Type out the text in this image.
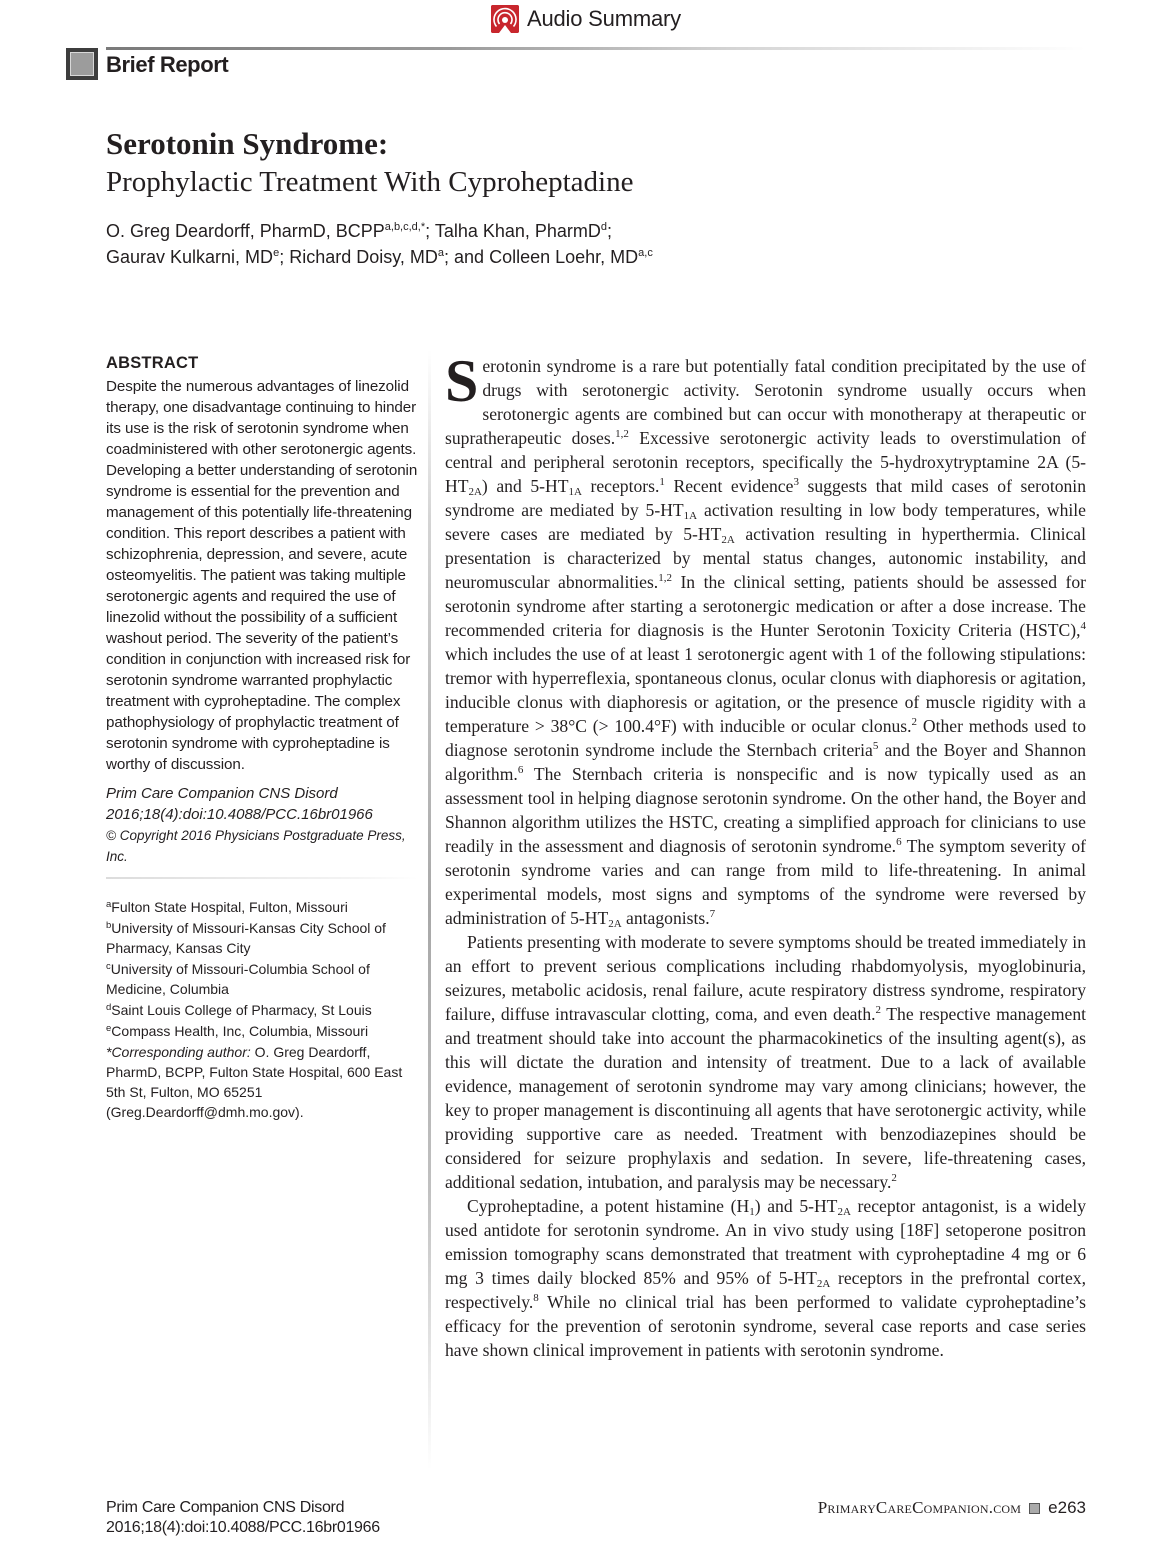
Audio Summary
Brief Report
Serotonin Syndrome:
Prophylactic Treatment With Cyproheptadine
O. Greg Deardorff, PharmD, $BCPP^{a,b,c,d,*}$; Talha Khan, PharmD$^d$;
Gaurav Kulkarni, MDe; Richard Doisy, $MD^a$; and Colleen Loehr, MD$^{a,c}$
ABSTRACT
Despite the numerous advantages of linezolid therapy, one disadvantage continuing to hinder its use is the risk of serotonin syndrome when coadministered with other serotonergic agents. Developing a better understanding of serotonin syndrome is essential for the prevention and management of this potentially life-threatening condition. This report describes a patient with schizophrenia, depression, and severe, acute osteomyelitis. The patient was taking multiple serotonergic agents and required the use of linezolid without the possibility of a sufficient washout period. The severity of the patient’s condition in conjunction with increased risk for serotonin syndrome warranted prophylactic treatment with cyproheptadine. The complex pathophysiology of prophylactic treatment of serotonin syndrome with cyproheptadine is worthy of discussion.
Prim Care Companion CNS Disord
2016;18(4):doi:10.4088/PCC.16br01966
© Copyright 2016 Physicians Postgraduate Press, Inc.
$^a$Fulton State Hospital, Fulton, Missouri
$^b$University of Missouri-Kansas City School of Pharmacy, Kansas City
$^c$University of Missouri-Columbia School of Medicine, Columbia
$^d$Saint Louis College of Pharmacy, St Louis
$^e$Compass Health, Inc, Columbia, Missouri
*Corresponding author: O. Greg Deardorff, PharmD, BCPP, Fulton State Hospital, 600 East 5th St, Fulton, MO 65251 (Greg.Deardorff@dmh.mo.gov).

Serotonin syndrome is a rare but potentially fatal condition precipitated by the use of drugs with serotonergic activity. Serotonin syndrome usually occurs when serotonergic agents are combined but can occur with monotherapy at therapeutic or supratherapeutic doses.$^{1,2}$ Excessive serotonergic activity leads to overstimulation of central and peripheral serotonin receptors, specifically the 5-hydroxytryptamine 2A $(5-HT_{2A})$ and $5-HT_{1A}$ receptors.$^1$ Recent evidence$^3$ suggests that mild cases of serotonin syndrome are mediated by $5-HT_{1A}$ activation resulting in low body temperatures, while severe cases are mediated by $5-HT_{2A}$ activation resulting in hyperthermia. Clinical presentation is characterized by mental status changes, autonomic instability, and neuromuscular abnormalities.$^{1,2}$ In the clinical setting, patients should be assessed for serotonin syndrome after starting a serotonergic medication or after a dose increase. The recommended criteria for diagnosis is the Hunter Serotonin Toxicity Criteria (HSTC),$^4$ which includes the use of at least 1 serotonergic agent with 1 of the following stipulations: tremor with hyperreflexia, spontaneous clonus, ocular clonus with diaphoresis or agitation, inducible clonus with diaphoresis or agitation, or the presence of muscle rigidity with a temperature > 38°C (> 100.4°F) with inducible or ocular clonus.$^2$ Other methods used to diagnose serotonin syndrome include the Sternbach criteria$^5$ and the Boyer and Shannon algorithm.$^6$ The Sternbach criteria is nonspecific and is now typically used as an assessment tool in helping diagnose serotonin syndrome. On the other hand, the Boyer and Shannon algorithm utilizes the HSTC, creating a simplified approach for clinicians to use readily in the assessment and diagnosis of serotonin syndrome.$^6$ The symptom severity of serotonin syndrome varies and can range from mild to life-threatening. In animal experimental models, most signs and symptoms of the syndrome were reversed by administration of $5-HT_{2A}$ antagonists.$^7$

Patients presenting with moderate to severe symptoms should be treated immediately in an effort to prevent serious complications including rhabdomyolysis, myoglobinuria, seizures, metabolic acidosis, renal failure, acute respiratory distress syndrome, respiratory failure, diffuse intravascular clotting, coma, and even death.$^2$ The respective management and treatment should take into account the pharmacokinetics of the insulting agent(s), as this will dictate the duration and intensity of treatment. Due to a lack of available evidence, management of serotonin syndrome may vary among clinicians; however, the key to proper management is discontinuing all agents that have serotonergic activity, while providing supportive care as needed. Treatment with benzodiazepines should be considered for seizure prophylaxis and sedation. In severe, life-threatening cases, additional sedation, intubation, and paralysis may be necessary.$^2$

Cyproheptadine, a potent histamine $(H_1)$ and $5-HT_{2A}$ receptor antagonist, is a widely used antidote for serotonin syndrome. An in vivo study using [18F] setoperone positron emission tomography scans demonstrated that treatment with cyproheptadine 4 mg or 6 mg 3 times daily blocked 85% and 95% of $5-HT_{2A}$ receptors in the prefrontal cortex, respectively.$^8$ While no clinical trial has been performed to validate cyproheptadine’s efficacy for the prevention of serotonin syndrome, several case reports and case series have shown clinical improvement in patients with serotonin syndrome.

Prim Care Companion CNS Disord
2016;18(4):doi:10.4088/PCC.16br01966
PrimaryCareCompanion.com e263
